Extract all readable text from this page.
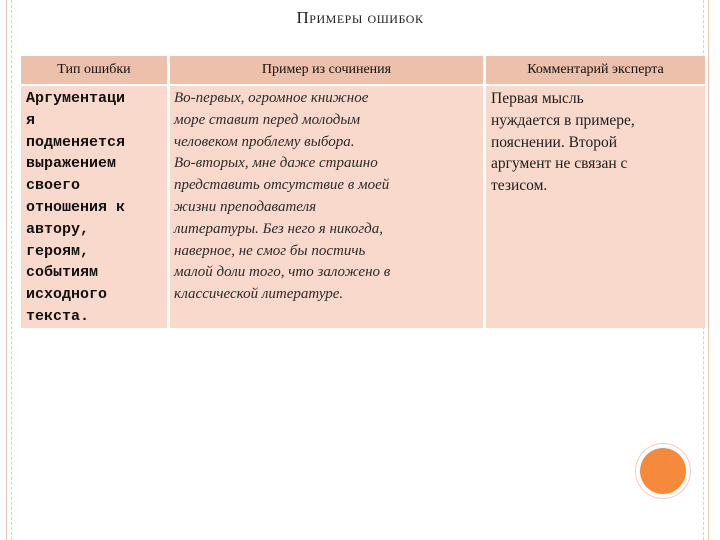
Примеры ошибок
Тип ошибки	Пример из сочинения	Комментарий эксперта
Аргументаци
я
подменяется
выражением
своего
отношения к
автору,
героям,
событиям
исходного
текста.
Во-первых, огромное книжное
море ставит перед молодым
человеком проблему выбора.
Во-вторых, мне даже страшно
представить отсутствие в моей
жизни преподавателя
литературы. Без него я никогда,
наверное, не смог бы постичь
малой доли того, что заложено в
классической литературе.
Первая мысль
нуждается в примере,
пояснении. Второй
аргумент не связан с
тезисом.
